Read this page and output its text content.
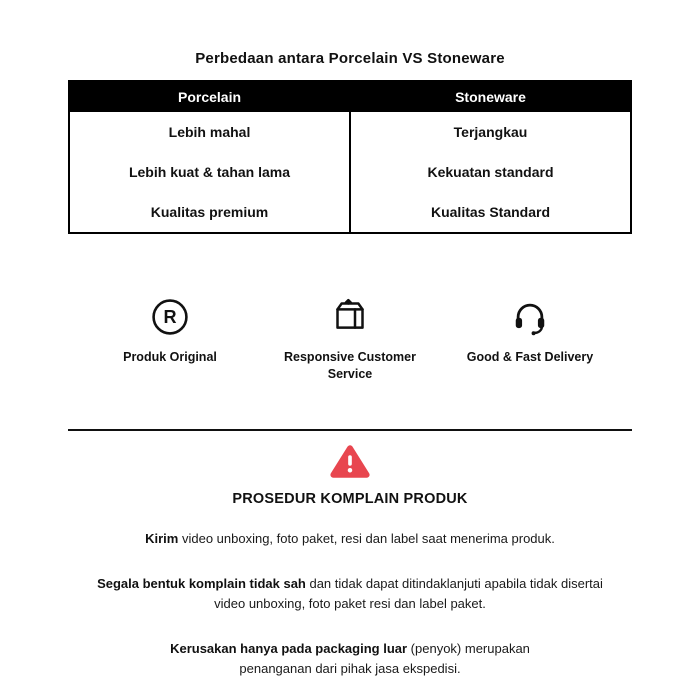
Perbedaan antara Porcelain VS Stoneware
Porcelain	Stoneware
Lebih mahal	Terjangkau
Lebih kuat & tahan lama	Kekuatan standard
Kualitas premium	Kualitas Standard
R
Produk Original	Responsive Customer Service
Good & Fast Delivery
PROSEDUR KOMPLAIN PRODUK

Kirim video unboxing, foto paket, resi dan label saat menerima produk.

Segala bentuk komplain tidak sah dan tidak dapat ditindaklanjuti apabila tidak disertai video unboxing, foto paket resi dan label paket.

Kerusakan hanya pada packaging luar (penyok) merupakan penanganan dari pihak jasa ekspedisi.
